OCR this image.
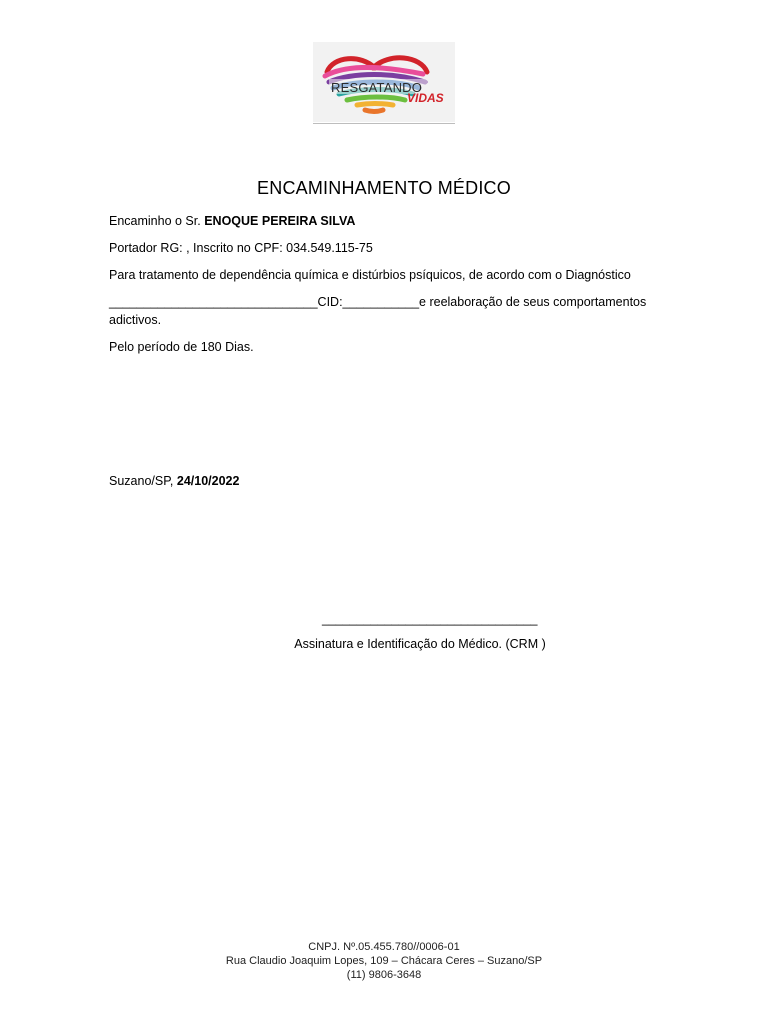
RESGATANDO
VIDAS
ENCAMINHAMENTO MÉDICO
Encaminho o Sr. ENOQUE PEREIRA SILVA
Portador RG: , Inscrito no CPF: 034.549.115-75
Para tratamento de dependência química e distúrbios psíquicos, de acordo com o Diagnóstico
______________________________CID:___________e reelaboração de seus comportamentos
adictivos.
Pelo período de 180 Dias.
Suzano/SP, 24/10/2022
_______________________________
Assinatura e Identificação do Médico. (CRM )
CNPJ. Nº.05.455.780//0006-01
Rua Claudio Joaquim Lopes, 109 – Chácara Ceres – Suzano/SP
(11) 9806-3648
